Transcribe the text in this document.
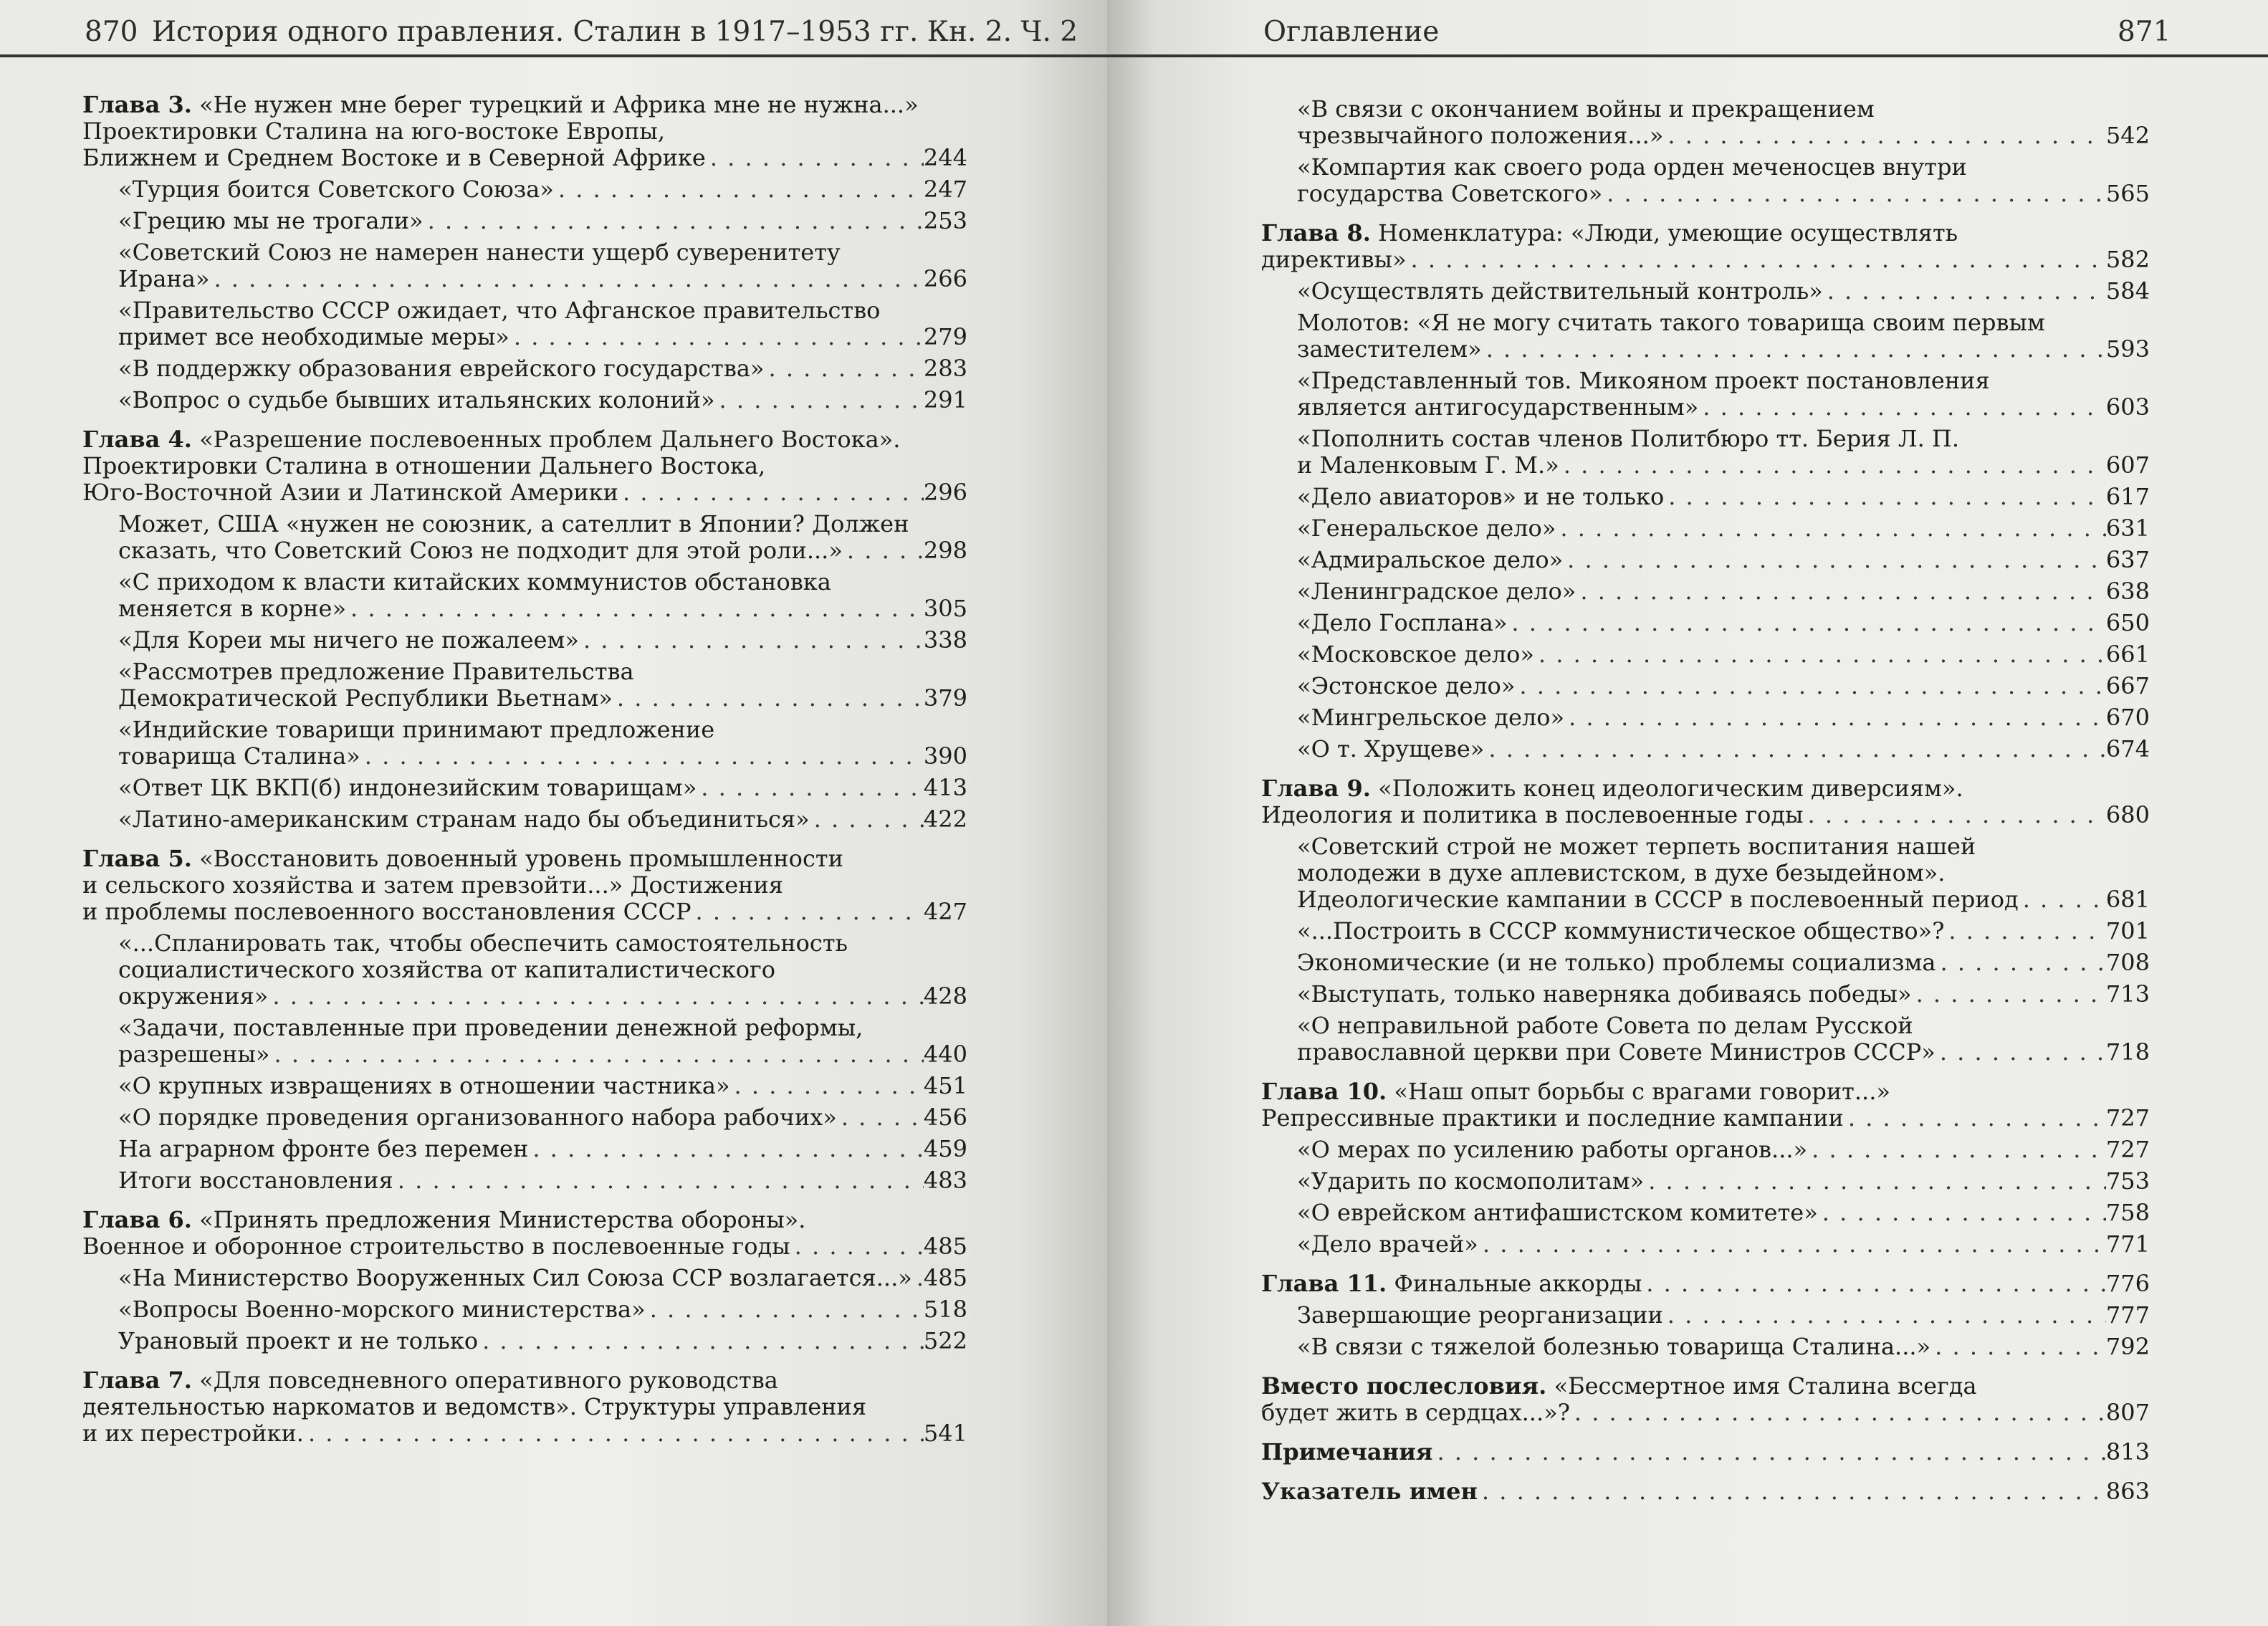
870 История одного правления. Сталин в 1917–1953 гг. Кн. 2. Ч. 2
Глава 3. «Не нужен мне берег турецкий и Африка мне не нужна...»
Проектировки Сталина на юго-востоке Европы,
Ближнем и Среднем Востоке и в Северной Африке . . .	244
«Турция боится Советского Союза» . . .	247
«Грецию мы не трогали» . . .	253
«Советский Союз не намерен нанести ущерб суверенитету
Ирана» . . .	266
«Правительство СССР ожидает, что Афганское правительство
примет все необходимые меры» . . .	279
«В поддержку образования еврейского государства» . . .	283
«Вопрос о судьбе бывших итальянских колоний» . . .	291
Глава 4. «Разрешение послевоенных проблем Дальнего Востока».
Проектировки Сталина в отношении Дальнего Востока,
Юго-Восточной Азии и Латинской Америки . . .	296
Может, США «нужен не союзник, а сателлит в Японии? Должен
сказать, что Советский Союз не подходит для этой роли...» . . .	298
«С приходом к власти китайских коммунистов обстановка
меняется в корне» . . .	305
«Для Кореи мы ничего не пожалеем» . . .	338
«Рассмотрев предложение Правительства
Демократической Республики Вьетнам» . . .	379
«Индийские товарищи принимают предложение
товарища Сталина» . . .	390
«Ответ ЦК ВКП(б) индонезийским товарищам» . . .	413
«Латино-американским странам надо бы объединиться» . . .	422
Глава 5. «Восстановить довоенный уровень промышленности
и сельского хозяйства и затем превзойти...» Достижения
и проблемы послевоенного восстановления СССР . . .	427
«...Спланировать так, чтобы обеспечить самостоятельность
социалистического хозяйства от капиталистического
окружения» . . .	428
«Задачи, поставленные при проведении денежной реформы,
разрешены» . . .	440
«О крупных извращениях в отношении частника» . . .	451
«О порядке проведения организованного набора рабочих» . . .	456
На аграрном фронте без перемен . . .	459
Итоги восстановления . . .	483
Глава 6. «Принять предложения Министерства обороны».
Военное и оборонное строительство в послевоенные годы . . .	485
«На Министерство Вооруженных Сил Союза ССР возлагается...» . . . 485
«Вопросы Военно-морского министерства» . . .	518
Урановый проект и не только . . .	522
Глава 7. «Для повседневного оперативного руководства
деятельностью наркоматов и ведомств». Структуры управления
и их перестройки. . . .	541
Оглавление	871
«В связи с окончанием войны и прекращением
чрезвычайного положения...» . . .	542
«Компартия как своего рода орден меченосцев внутри
государства Советского» . . .	565
Глава 8. Номенклатура: «Люди, умеющие осуществлять
директивы» . . .	582
«Осуществлять действительный контроль» . . .	584
Молотов: «Я не могу считать такого товарища своим первым
заместителем» . . .	593
«Представленный тов. Микояном проект постановления
является антигосударственным» . . .	603
«Пополнить состав членов Политбюро тт. Берия Л. П.
и Маленковым Г. М.» . . .	607
«Дело авиаторов» и не только . . .	617
«Генеральское дело» . . .	631
«Адмиральское дело» . . .	637
«Ленинградское дело» . . .	638
«Дело Госплана» . . .	650
«Московское дело» . . .	661
«Эстонское дело» . . .	667
«Мингрельское дело» . . .	670
«О т. Хрущеве» . . .	674
Глава 9. «Положить конец идеологическим диверсиям».
Идеология и политика в послевоенные годы . . .	680
«Советский строй не может терпеть воспитания нашей
молодежи в духе аплевистском, в духе безыдейном».
Идеологические кампании в СССР в послевоенный период . . .	681
«...Построить в СССР коммунистическое общество»? . . .	701
Экономические (и не только) проблемы социализма . . .	708
«Выступать, только наверняка добиваясь победы» . . .	713
«О неправильной работе Совета по делам Русской
православной церкви при Совете Министров СССР» . . .	718
Глава 10. «Наш опыт борьбы с врагами говорит...»
Репрессивные практики и последние кампании . . .	727
«О мерах по усилению работы органов...» . . .	727
«Ударить по космополитам» . . .	753
«О еврейском антифашистском комитете» . . .	758
«Дело врачей» . . .	771
Глава 11. Финальные аккорды . . .	776
Завершающие реорганизации . . .	777
«В связи с тяжелой болезнью товарища Сталина...» . . .	792
Вместо послесловия. «Бессмертное имя Сталина всегда
будет жить в сердцах...»? . . .	807
Примечания . . .	813
Указатель имен . . .	863
